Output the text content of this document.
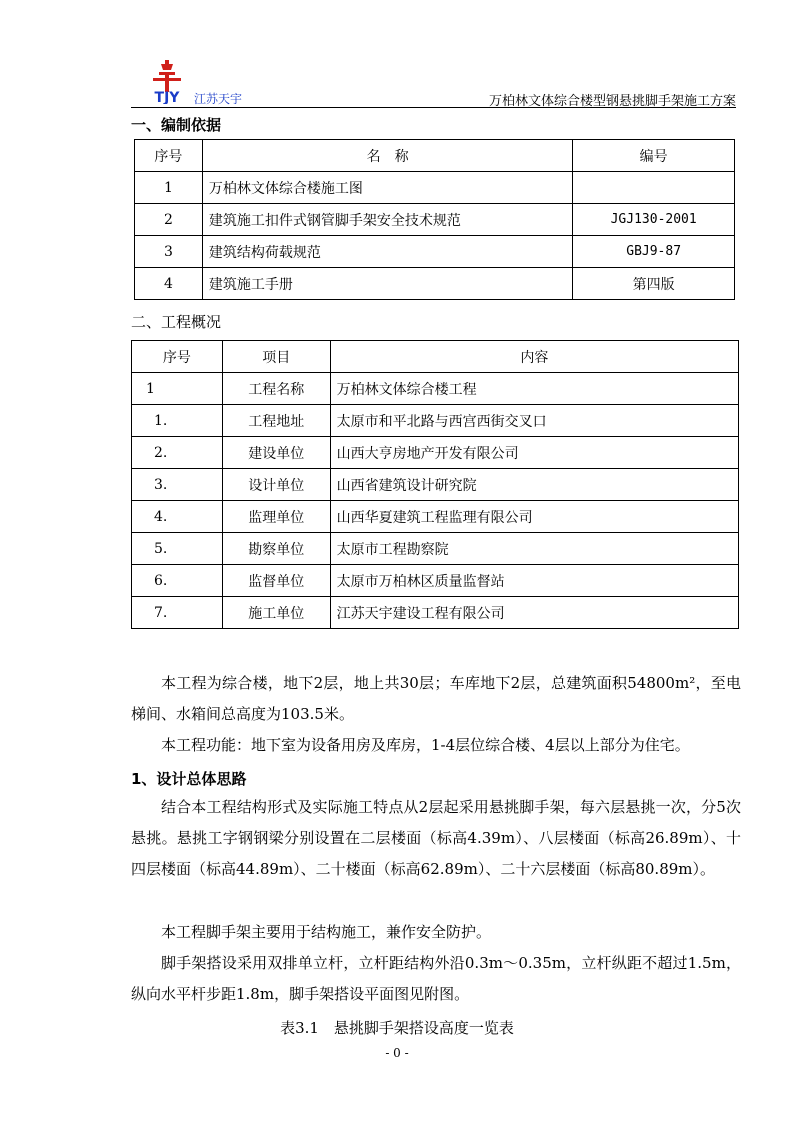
TJY 江苏天宇	万柏林文体综合楼型钢悬挑脚手架施工方案
一、编制依据
序号	名　称	编号
1	万柏林文体综合楼施工图	
2	建筑施工扣件式钢管脚手架安全技术规范	JGJ130-2001
3	建筑结构荷载规范	GBJ9-87
4	建筑施工手册	第四版
二、工程概况
序号	项目	内容
1	工程名称	万柏林文体综合楼工程
1.	工程地址	太原市和平北路与西宫西街交叉口
2.	建设单位	山西大亨房地产开发有限公司
3.	设计单位	山西省建筑设计研究院
4.	监理单位	山西华夏建筑工程监理有限公司
5.	勘察单位	太原市工程勘察院
6.	监督单位	太原市万柏林区质量监督站
7.	施工单位	江苏天宇建设工程有限公司

本工程为综合楼，地下2层，地上共30层；车库地下2层，总建筑面积54800m²，至电梯间、水箱间总高度为103.5米。

本工程功能：地下室为设备用房及库房，1-4层位综合楼、4层以上部分为住宅。

1、设计总体思路

结合本工程结构形式及实际施工特点从2层起采用悬挑脚手架，每六层悬挑一次，分5次悬挑。悬挑工字钢钢梁分别设置在二层楼面（标高4.39m）、八层楼面（标高26.89m）、十四层楼面（标高44.89m）、二十楼面（标高62.89m）、二十六层楼面（标高80.89m）。

本工程脚手架主要用于结构施工，兼作安全防护。

脚手架搭设采用双排单立杆，立杆距结构外沿0.3m～0.35m，立杆纵距不超过1.5m，纵向水平杆步距1.8m，脚手架搭设平面图见附图。

表3.1　悬挑脚手架搭设高度一览表
- 0 -
